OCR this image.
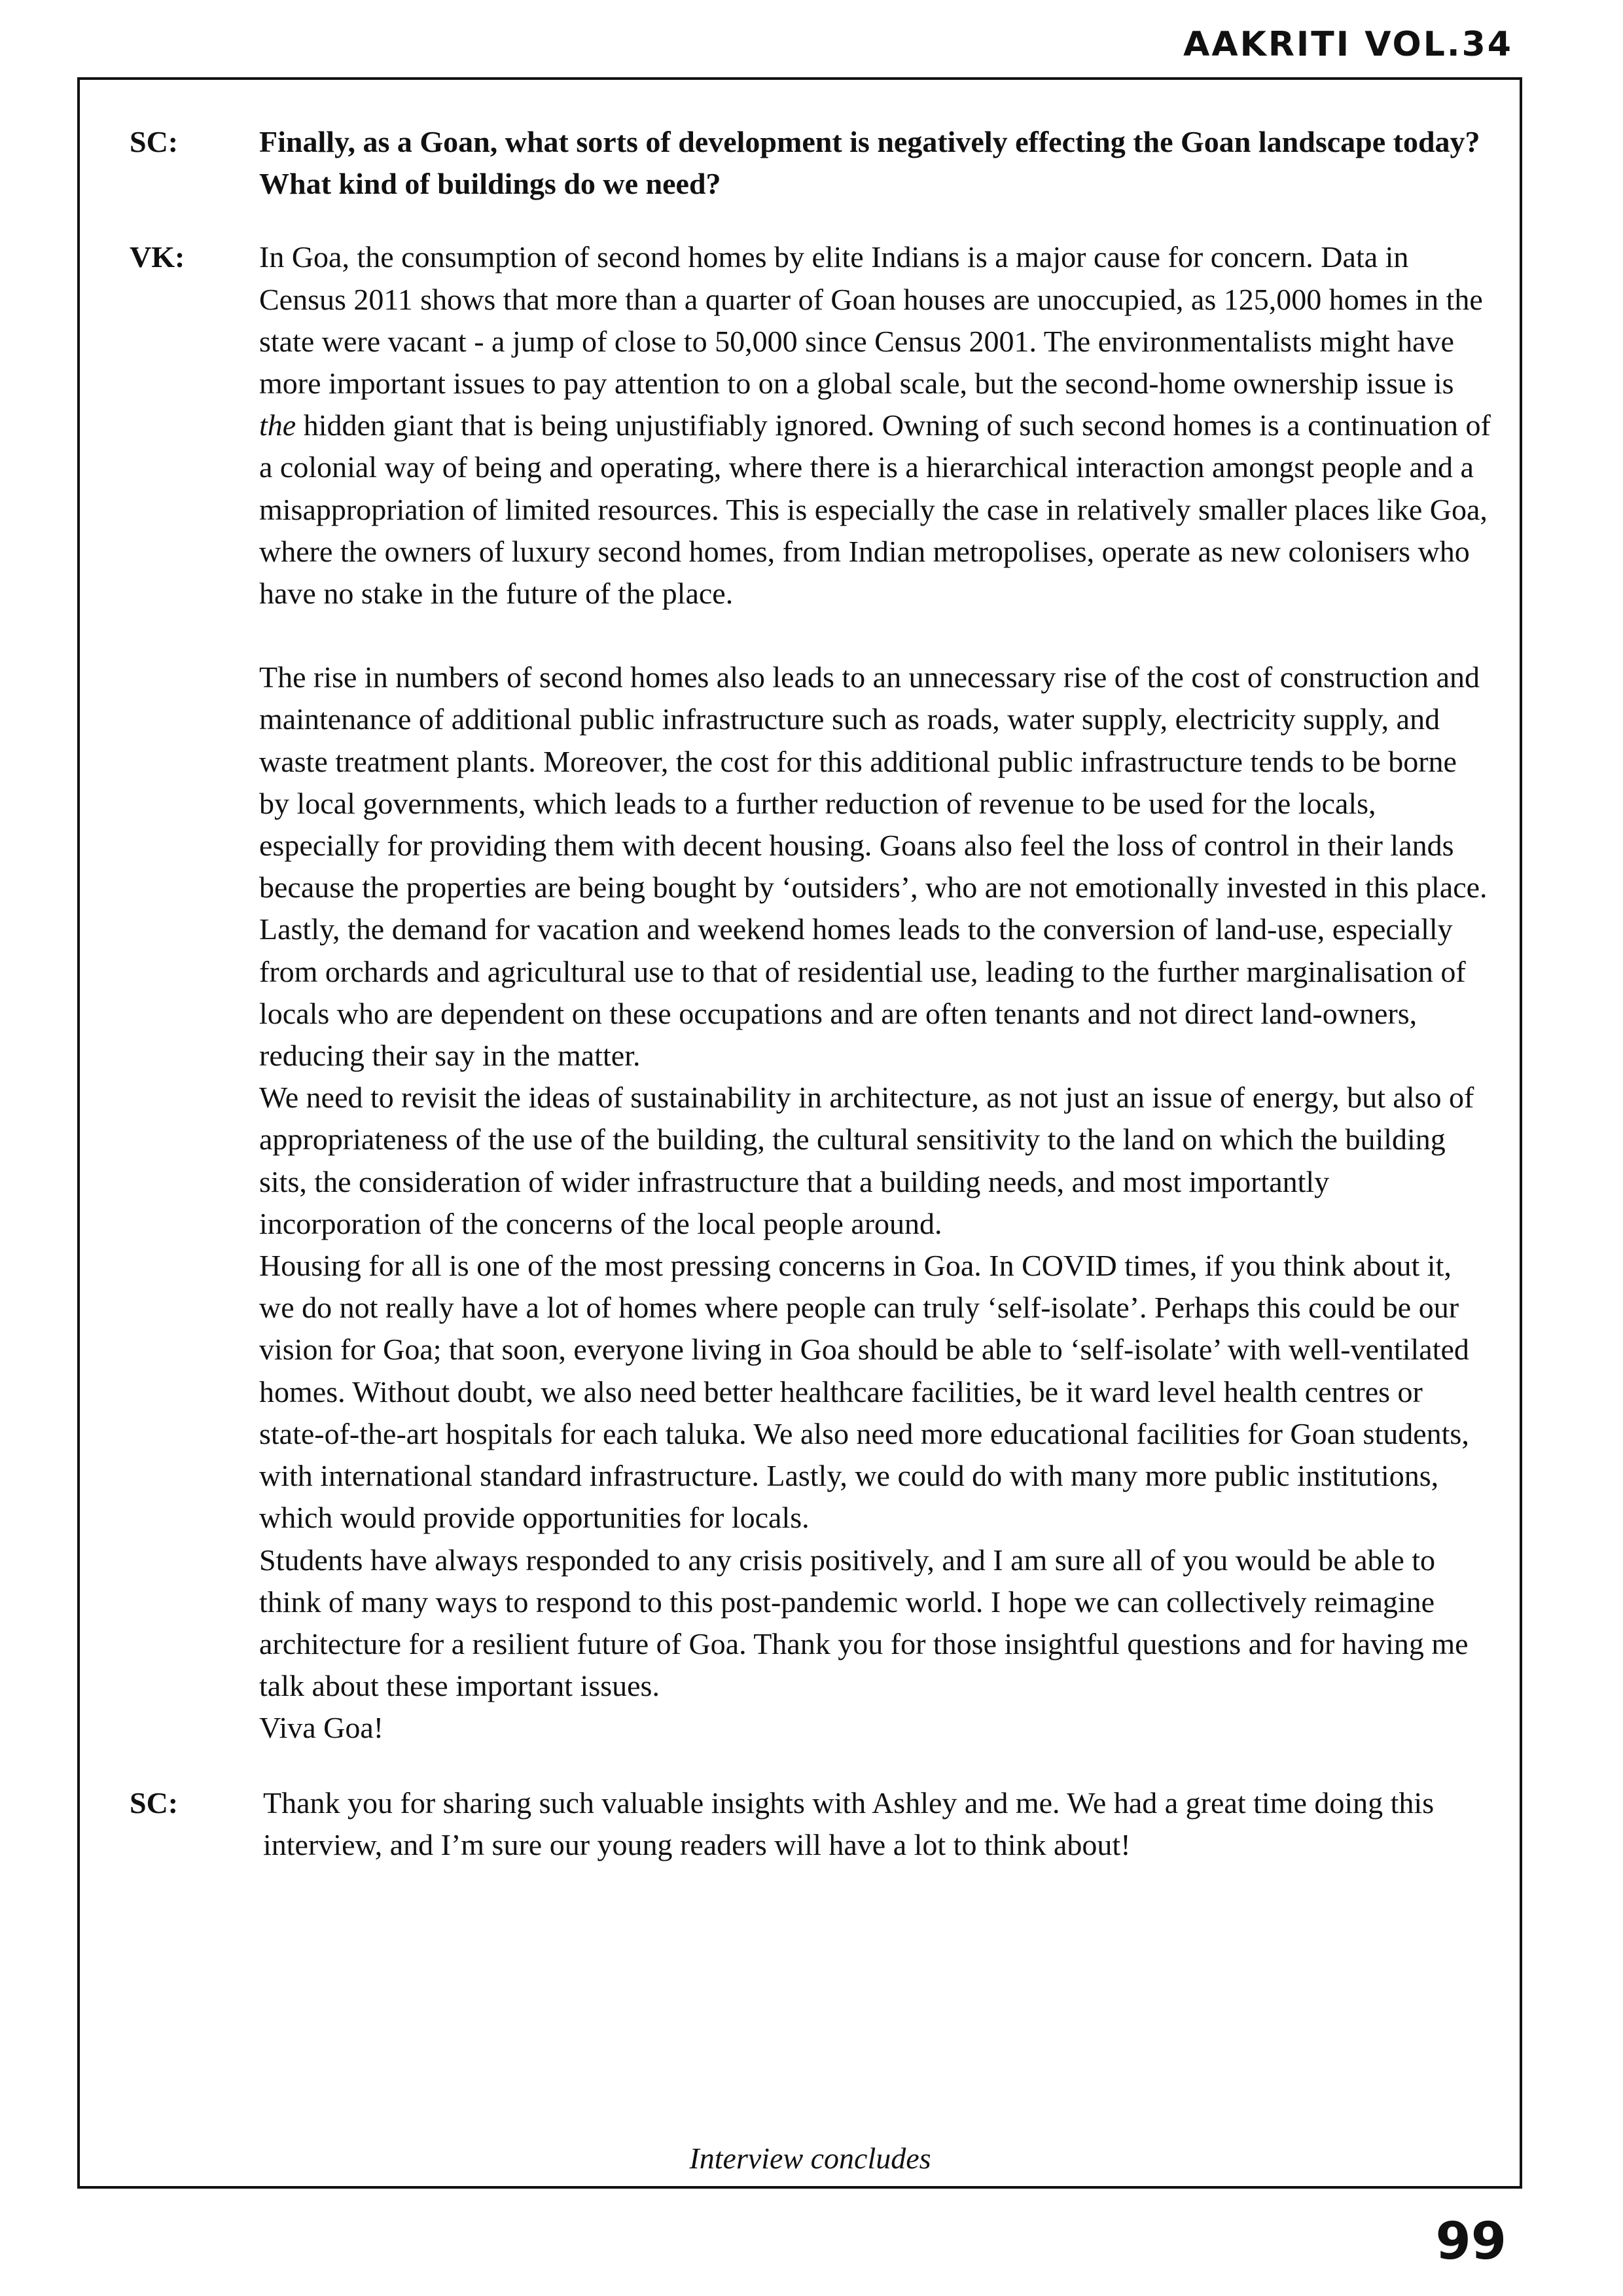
AAKRITI VOL.34
SC:	Finally, as a Goan, what sorts of development is negatively effecting the Goan landscape today? What kind of buildings do we need?
VK:	In Goa, the consumption of second homes by elite Indians is a major cause for concern. Data in Census 2011 shows that more than a quarter of Goan houses are unoccupied, as 125,000 homes in the state were vacant - a jump of close to 50,000 since Census 2001. The environmentalists might have more important issues to pay attention to on a global scale, but the second-home ownership issue is the hidden giant that is being unjustifiably ignored. Owning of such second homes is a continuation of a colonial way of being and operating, where there is a hierarchical interaction amongst people and a misappropriation of limited resources. This is especially the case in relatively smaller places like Goa, where the owners of luxury second homes, from Indian metropolises, operate as new colonisers who have no stake in the future of the place.

The rise in numbers of second homes also leads to an unnecessary rise of the cost of construction and maintenance of additional public infrastructure such as roads, water supply, electricity supply, and waste treatment plants. Moreover, the cost for this additional public infrastructure tends to be borne by local governments, which leads to a further reduction of revenue to be used for the locals, especially for providing them with decent housing. Goans also feel the loss of control in their lands because the properties are being bought by ‘outsiders’, who are not emotionally invested in this place. Lastly, the demand for vacation and weekend homes leads to the conversion of land-use, especially from orchards and agricultural use to that of residential use, leading to the further marginalisation of locals who are dependent on these occupations and are often tenants and not direct land-owners, reducing their say in the matter.

We need to revisit the ideas of sustainability in architecture, as not just an issue of energy, but also of appropriateness of the use of the building, the cultural sensitivity to the land on which the building sits, the consideration of wider infrastructure that a building needs, and most importantly incorporation of the concerns of the local people around.

Housing for all is one of the most pressing concerns in Goa. In COVID times, if you think about it, we do not really have a lot of homes where people can truly ‘self-isolate’. Perhaps this could be our vision for Goa; that soon, everyone living in Goa should be able to ‘self-isolate’ with well-ventilated homes. Without doubt, we also need better healthcare facilities, be it ward level health centres or state-of-the-art hospitals for each taluka. We also need more educational facilities for Goan students, with international standard infrastructure. Lastly, we could do with many more public institutions, which would provide opportunities for locals.

Students have always responded to any crisis positively, and I am sure all of you would be able to think of many ways to respond to this post-pandemic world. I hope we can collectively reimagine architecture for a resilient future of Goa. Thank you for those insightful questions and for having me talk about these important issues.

Viva Goa!

SC:	Thank you for sharing such valuable insights with Ashley and me. We had a great time doing this interview, and I’m sure our young readers will have a lot to think about!
Interview concludes
99
